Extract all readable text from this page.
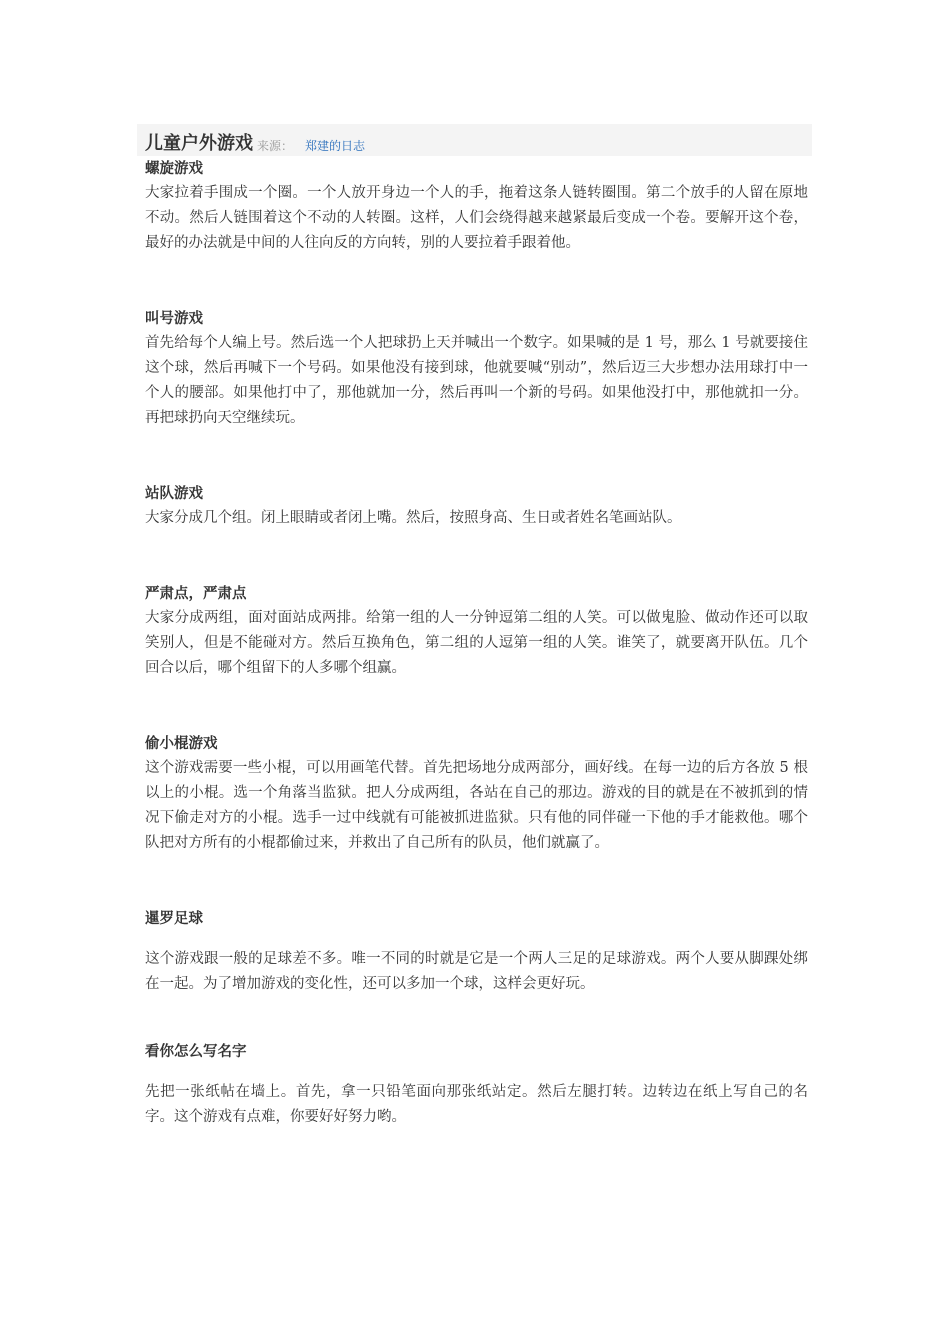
儿童户外游戏 来源： 郑建的日志
螺旋游戏
大家拉着手围成一个圈。一个人放开身边一个人的手，拖着这条人链转圈围。第二个放手的人留在原地不动。然后人链围着这个不动的人转圈。这样，人们会绕得越来越紧最后变成一个卷。要解开这个卷，最好的办法就是中间的人往向反的方向转，别的人要拉着手跟着他。
叫号游戏
首先给每个人编上号。然后选一个人把球扔上天并喊出一个数字。如果喊的是 1 号，那么 1 号就要接住这个球，然后再喊下一个号码。如果他没有接到球，他就要喊“别动”，然后迈三大步想办法用球打中一个人的腰部。如果他打中了，那他就加一分，然后再叫一个新的号码。如果他没打中，那他就扣一分。再把球扔向天空继续玩。
站队游戏
大家分成几个组。闭上眼睛或者闭上嘴。然后，按照身高、生日或者姓名笔画站队。
严肃点，严肃点
大家分成两组，面对面站成两排。给第一组的人一分钟逗第二组的人笑。可以做鬼脸、做动作还可以取笑别人，但是不能碰对方。然后互换角色，第二组的人逗第一组的人笑。谁笑了，就要离开队伍。几个回合以后，哪个组留下的人多哪个组赢。
偷小棍游戏
这个游戏需要一些小棍，可以用画笔代替。首先把场地分成两部分，画好线。在每一边的后方各放 5 根以上的小棍。选一个角落当监狱。把人分成两组，各站在自己的那边。游戏的目的就是在不被抓到的情况下偷走对方的小棍。选手一过中线就有可能被抓进监狱。只有他的同伴碰一下他的手才能救他。哪个队把对方所有的小棍都偷过来，并救出了自己所有的队员，他们就赢了。
暹罗足球
这个游戏跟一般的足球差不多。唯一不同的时就是它是一个两人三足的足球游戏。两个人要从脚踝处绑在一起。为了增加游戏的变化性，还可以多加一个球，这样会更好玩。
看你怎么写名字
先把一张纸帖在墙上。首先，拿一只铅笔面向那张纸站定。然后左腿打转。边转边在纸上写自己的名字。这个游戏有点难，你要好好努力哟。
